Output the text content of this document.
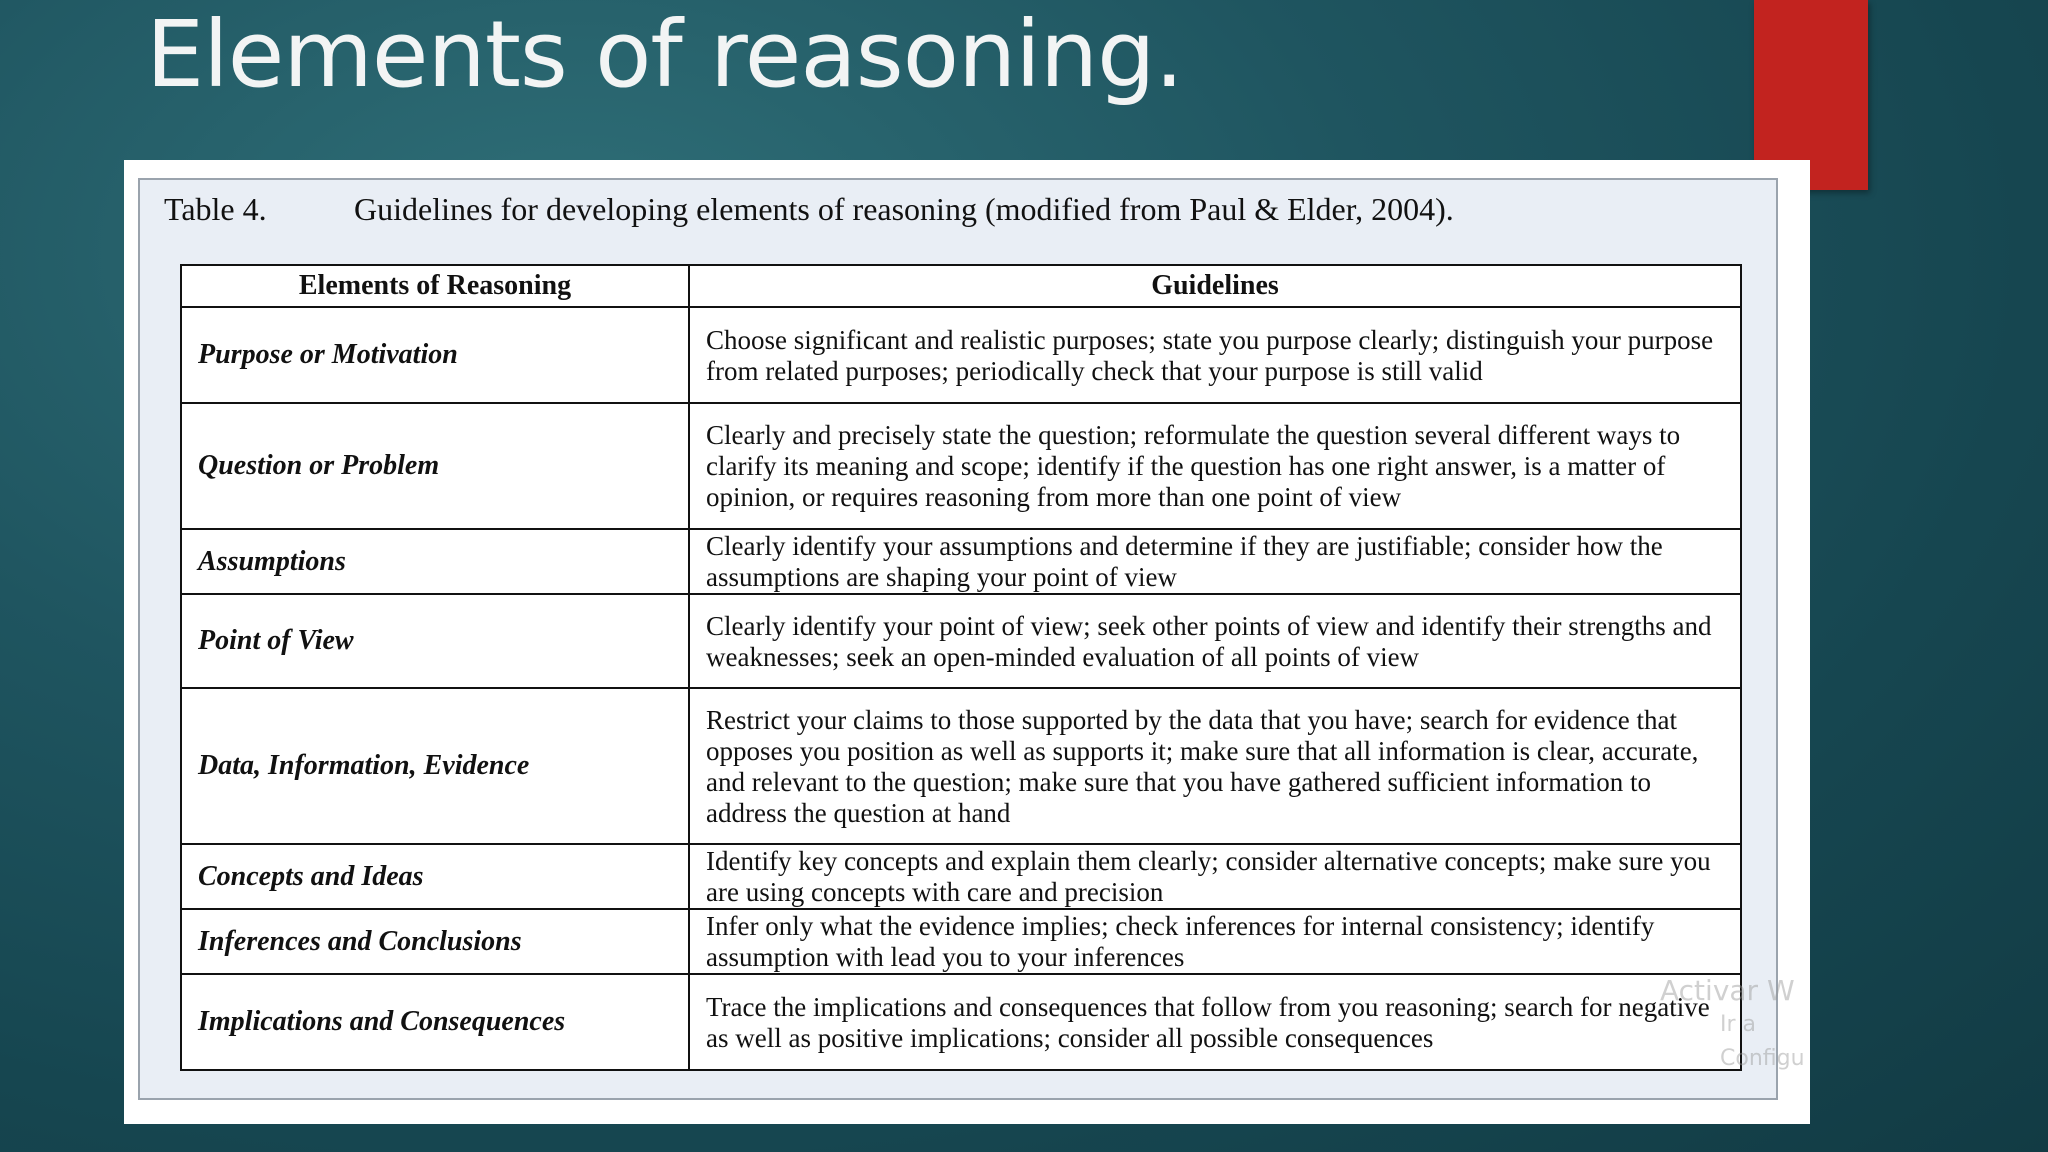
Elements of reasoning.
Table 4.	Guidelines for developing elements of reasoning (modified from Paul & Elder, 2004).
Elements of Reasoning	Guidelines
Purpose or Motivation	Choose significant and realistic purposes; state you purpose clearly; distinguish your purpose from related purposes; periodically check that your purpose is still valid
Question or Problem	Clearly and precisely state the question; reformulate the question several different ways to clarify its meaning and scope; identify if the question has one right answer, is a matter of opinion, or requires reasoning from more than one point of view
Assumptions	Clearly identify your assumptions and determine if they are justifiable; consider how the assumptions are shaping your point of view
Point of View	Clearly identify your point of view; seek other points of view and identify their strengths and weaknesses; seek an open-minded evaluation of all points of view
Data, Information, Evidence	Restrict your claims to those supported by the data that you have; search for evidence that opposes you position as well as supports it; make sure that all information is clear, accurate, and relevant to the question; make sure that you have gathered sufficient information to address the question at hand
Concepts and Ideas	Identify key concepts and explain them clearly; consider alternative concepts; make sure you are using concepts with care and precision
Inferences and Conclusions	Infer only what the evidence implies; check inferences for internal consistency; identify assumption with lead you to your inferences
Implications and Consequences	Trace the implications and consequences that follow from you reasoning; search for negative as well as positive implications; consider all possible consequences
Activar W
Ir a Configu
